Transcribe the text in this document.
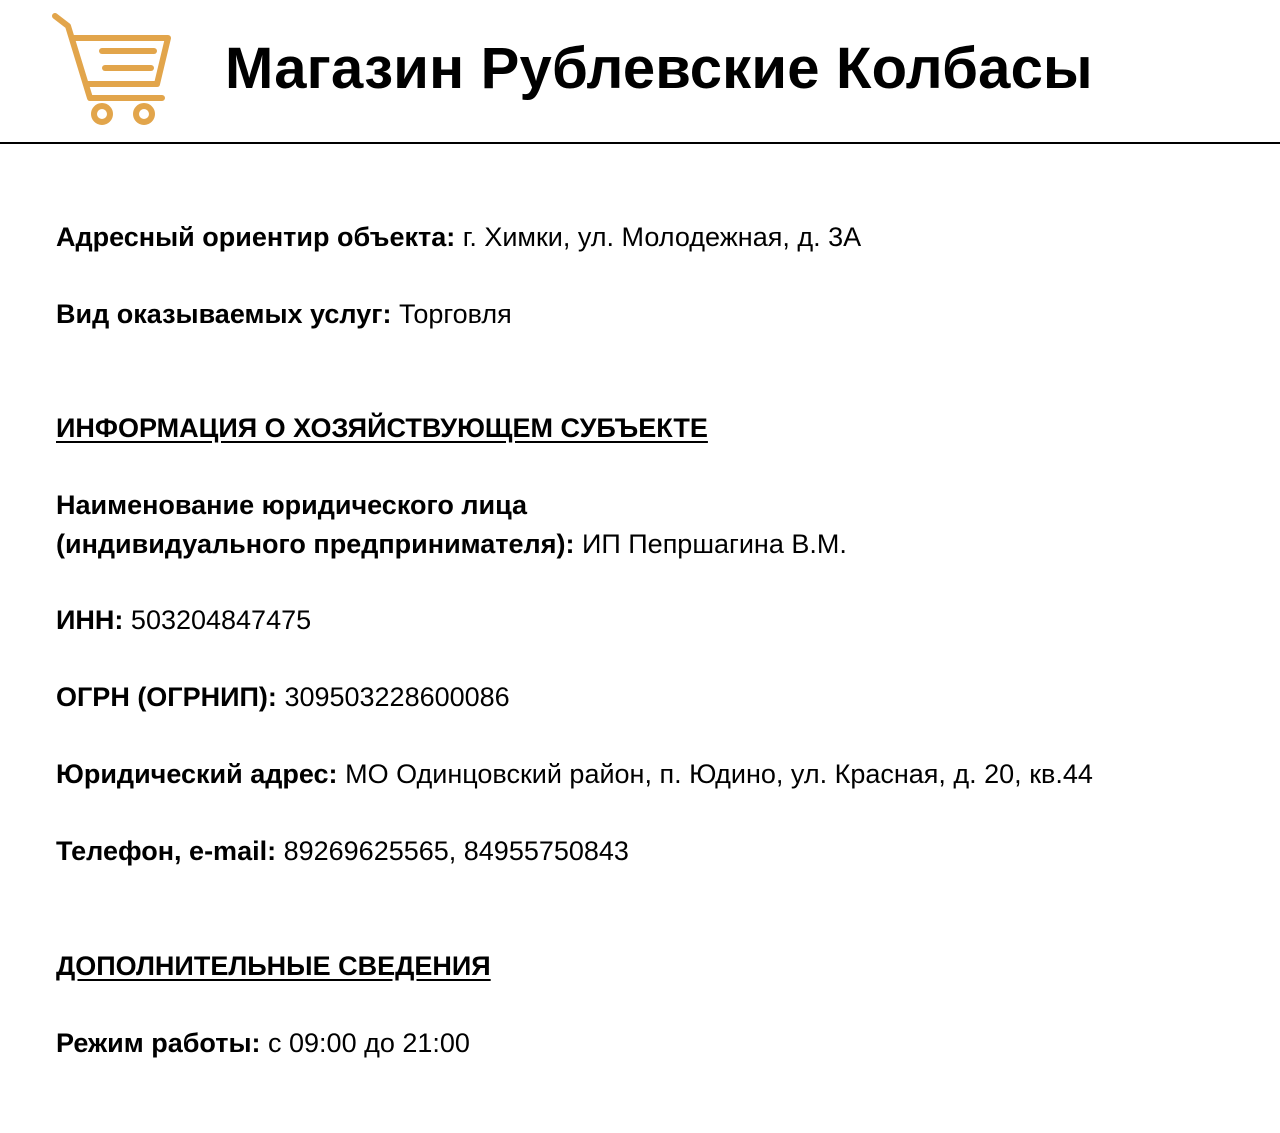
Магазин Рублевские Колбасы
Адресный ориентир объекта: г. Химки, ул. Молодежная, д. 3А
Вид оказываемых услуг: Торговля
ИНФОРМАЦИЯ О ХОЗЯЙСТВУЮЩЕМ СУБЪЕКТЕ
Наименование юридического лица
(индивидуального предпринимателя): ИП Пепршагина В.М.
ИНН: 503204847475
ОГРН (ОГРНИП): 309503228600086
Юридический адрес: МО Одинцовский район, п. Юдино, ул. Красная, д. 20, кв.44
Телефон, e-mail: 89269625565, 84955750843
ДОПОЛНИТЕЛЬНЫЕ СВЕДЕНИЯ
Режим работы: с 09:00 до 21:00
